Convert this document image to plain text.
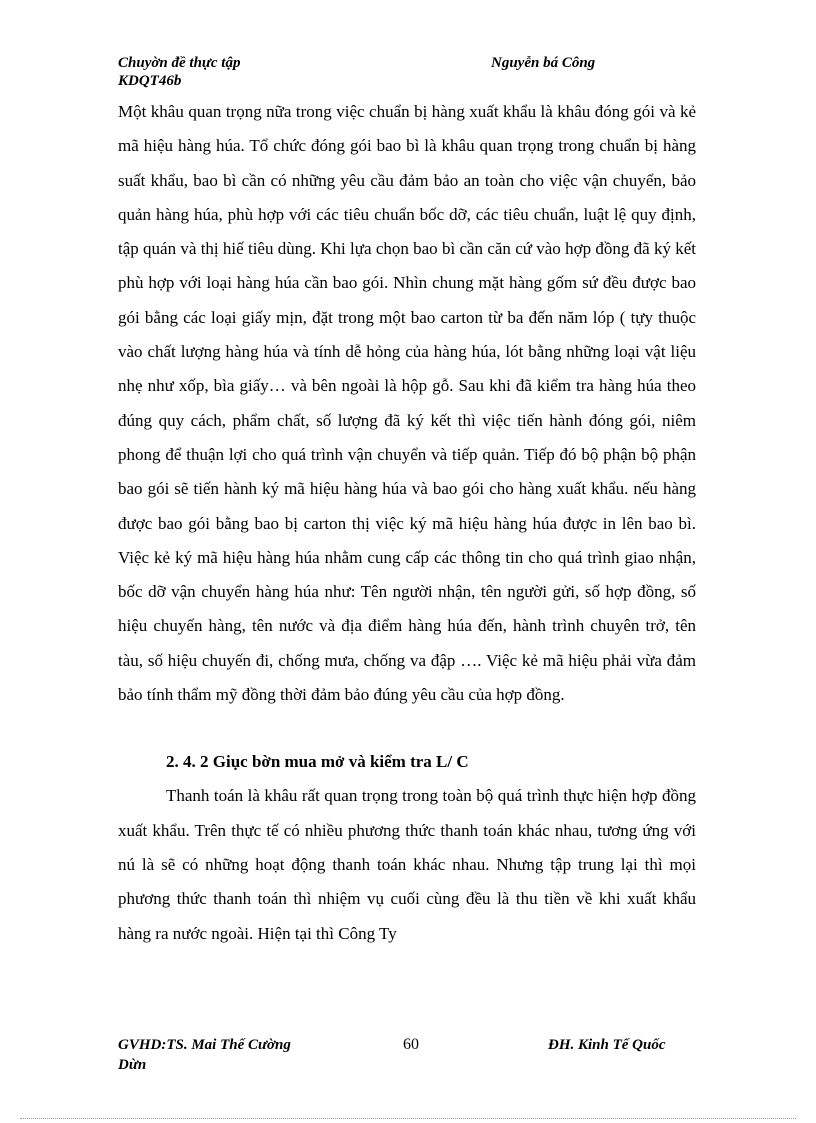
Chuyờn đề thực tập
KDQT46b
Nguyễn bá Công

Một khâu quan trọng nữa trong việc chuẩn bị hàng xuất khẩu là khâu đóng gói và kẻ mã hiệu hàng húa. Tổ chức đóng gói bao bì là khâu quan trọng trong chuẩn bị hàng suất khẩu, bao bì cần có những yêu cầu đảm bảo an toàn cho việc vận chuyển, bảo quản hàng húa, phù hợp với các tiêu chuẩn bốc dỡ, các tiêu chuẩn, luật lệ quy định, tập quán và thị hiế tiêu dùng. Khi lựa chọn bao bì cần căn cứ vào hợp đồng đã ký kết phù hợp với loại hàng húa cần bao gói. Nhìn chung mặt hàng gốm sứ đều được bao gói bằng các loại giấy mịn, đặt trong một bao carton từ ba đến năm lóp ( tựy thuộc vào chất lượng hàng húa và tính dễ hỏng của hàng húa, lót bằng những loại vật liệu nhẹ như xốp, bìa giấy… và bên ngoài là hộp gỗ. Sau khi đã kiểm tra hàng húa theo đúng quy cách, phẩm chất, số lượng đã ký kết thì việc tiến hành đóng gói, niêm phong để thuận lợi cho quá trình vận chuyển và tiếp quản. Tiếp đó bộ phận bộ phận bao gói sẽ tiến hành ký mã hiệu hàng húa và bao gói cho hàng xuất khẩu. nếu hàng được bao gói bằng bao bị carton thị việc ký mã hiệu hàng húa được in lên bao bì. Việc kẻ ký mã hiệu hàng húa nhằm cung cấp các thông tin cho quá trình giao nhận, bốc dỡ vận chuyển hàng húa như: Tên người nhận, tên người gửi, số hợp đồng, số hiệu chuyến hàng, tên nước và địa điểm hàng húa đến, hành trình chuyên trở, tên tàu, số hiệu chuyến đi, chống mưa, chống va đập …. Việc kẻ mã hiệu phải vừa đảm bảo tính thẩm mỹ đồng thời đảm bảo đúng yêu cầu của hợp đồng.

2. 4. 2 Giục bờn mua mở và kiểm tra L/ C

Thanh toán là khâu rất quan trọng trong toàn bộ quá trình thực hiện hợp đồng xuất khẩu. Trên thực tế có nhiều phương thức thanh toán khác nhau, tương ứng với nú là sẽ có những hoạt động thanh toán khác nhau. Nhưng tập trung lại thì mọi phương thức thanh toán thì nhiệm vụ cuối cùng đều là thu tiền về khi xuất khẩu hàng ra nước ngoài. Hiện tại thì Công Ty

GVHD:TS. Mai Thế Cường
Dừn
60	ĐH. Kinh Tế Quốc
